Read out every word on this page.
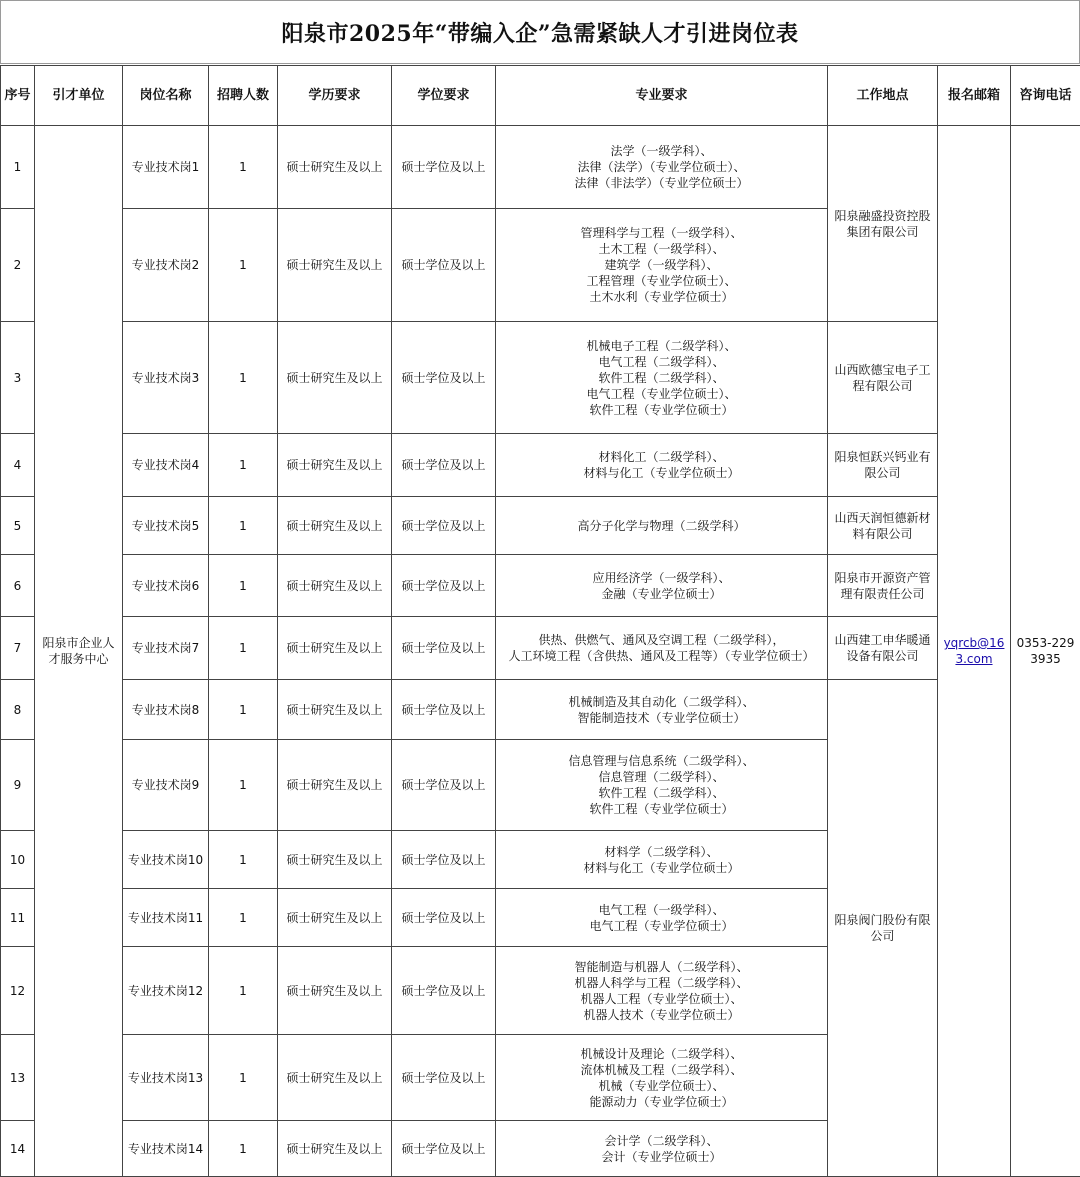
阳泉市2025年“带编入企”急需紧缺人才引进岗位表
序号	引才单位	岗位名称	招聘人数	学历要求	学位要求	专业要求	工作地点	报名邮箱	咨询电话
1	阳泉市企业人才服务中心	专业技术岗1	1	硕士研究生及以上	硕士学位及以上	法学（一级学科）、
法律（法学）（专业学位硕士）、
法律（非法学）（专业学位硕士）	阳泉融盛投资控股集团有限公司	yqrcb@163.com	0353-2293935
2		专业技术岗2	1	硕士研究生及以上	硕士学位及以上	管理科学与工程（一级学科）、
土木工程（一级学科）、
建筑学（一级学科）、
工程管理（专业学位硕士）、
土木水利（专业学位硕士）			
3		专业技术岗3	1	硕士研究生及以上	硕士学位及以上	机械电子工程（二级学科）、
电气工程（二级学科）、
软件工程（二级学科）、
电气工程（专业学位硕士）、
软件工程（专业学位硕士）	山西欧德宝电子工程有限公司		
4		专业技术岗4	1	硕士研究生及以上	硕士学位及以上	材料化工（二级学科）、
材料与化工（专业学位硕士）	阳泉恒跃兴钙业有限公司		
5		专业技术岗5	1	硕士研究生及以上	硕士学位及以上	高分子化学与物理（二级学科）	山西天润恒德新材料有限公司		
6		专业技术岗6	1	硕士研究生及以上	硕士学位及以上	应用经济学（一级学科）、
金融（专业学位硕士）	阳泉市开源资产管理有限责任公司		
7		专业技术岗7	1	硕士研究生及以上	硕士学位及以上	供热、供燃气、通风及空调工程（二级学科），
人工环境工程（含供热、通风及工程等）（专业学位硕士）	山西建工申华暖通设备有限公司		
8		专业技术岗8	1	硕士研究生及以上	硕士学位及以上	机械制造及其自动化（二级学科）、
智能制造技术（专业学位硕士）	阳泉阀门股份有限公司		
9		专业技术岗9	1	硕士研究生及以上	硕士学位及以上	信息管理与信息系统（二级学科）、
信息管理（二级学科）、
软件工程（二级学科）、
软件工程（专业学位硕士）			
10		专业技术岗10	1	硕士研究生及以上	硕士学位及以上	材料学（二级学科）、
材料与化工（专业学位硕士）			
11		专业技术岗11	1	硕士研究生及以上	硕士学位及以上	电气工程（一级学科）、
电气工程（专业学位硕士）			
12		专业技术岗12	1	硕士研究生及以上	硕士学位及以上	智能制造与机器人（二级学科）、
机器人科学与工程（二级学科）、
机器人工程（专业学位硕士）、
机器人技术（专业学位硕士）			
13		专业技术岗13	1	硕士研究生及以上	硕士学位及以上	机械设计及理论（二级学科）、
流体机械及工程（二级学科）、
机械（专业学位硕士）、
能源动力（专业学位硕士）			
14		专业技术岗14	1	硕士研究生及以上	硕士学位及以上	会计学（二级学科）、
会计（专业学位硕士）			
